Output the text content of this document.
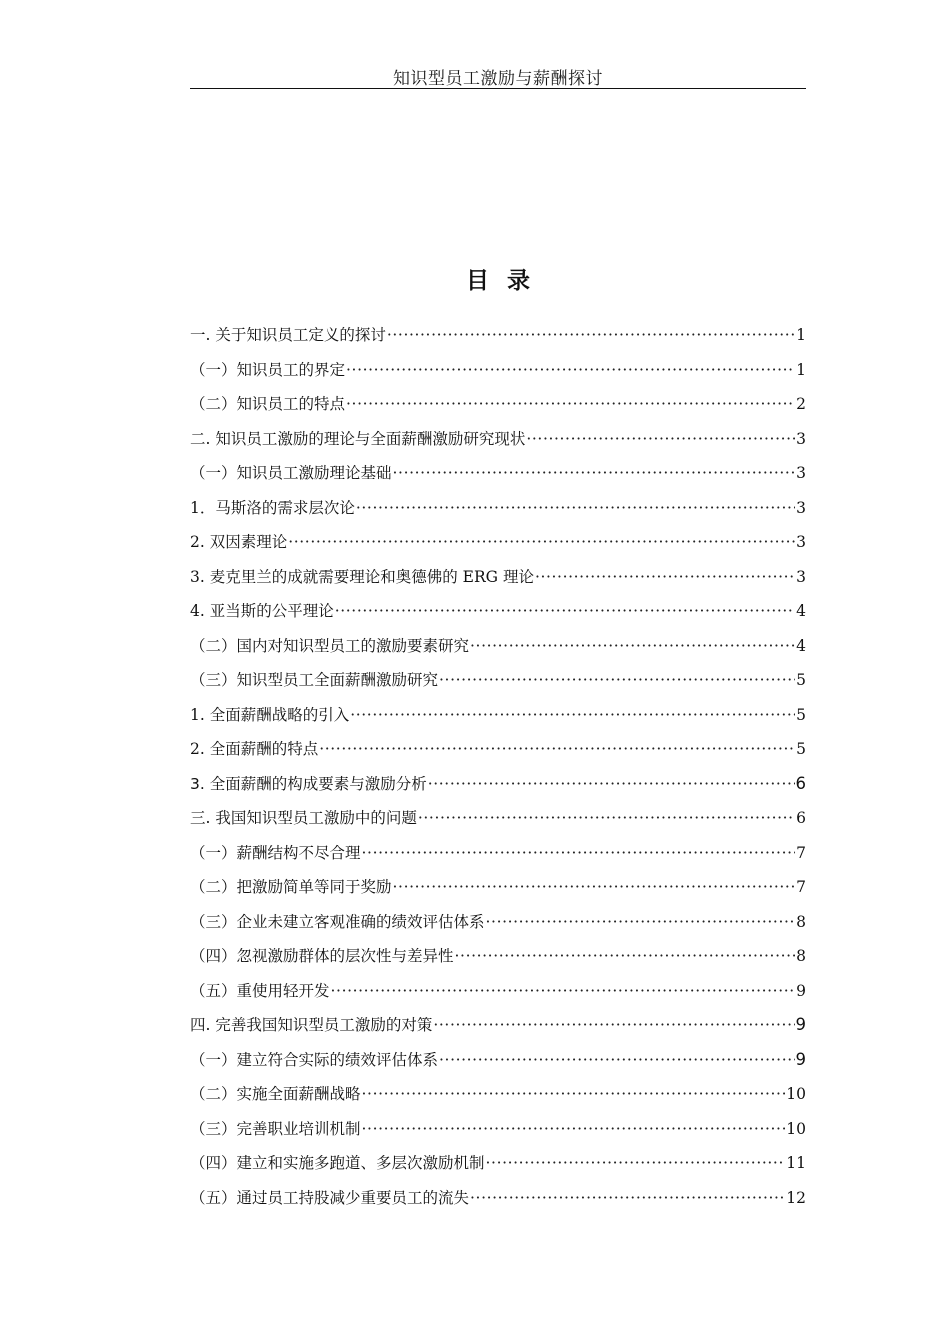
知识型员工激励与薪酬探讨
目录
一. 关于知识员工定义的探讨 ·····	1
（一）知识员工的界定 ·····	1
（二）知识员工的特点 ·····	2
二. 知识员工激励的理论与全面薪酬激励研究现状 ·····	3
（一）知识员工激励理论基础 ·····	3
1．马斯洛的需求层次论 ·····	3
2. 双因素理论 ·····	3
3. 麦克里兰的成就需要理论和奥德佛的 ERG 理论 ·····	3
4. 亚当斯的公平理论 ·····	4
（二）国内对知识型员工的激励要素研究 ·····	4
（三）知识型员工全面薪酬激励研究 ·····	5
1. 全面薪酬战略的引入 ·····	5
2. 全面薪酬的特点 ·····	5
3. 全面薪酬的构成要素与激励分析 ·····	6
三. 我国知识型员工激励中的问题 ·····	6
（一）薪酬结构不尽合理 ·····	7
（二）把激励简单等同于奖励 ·····	7
（三）企业未建立客观准确的绩效评估体系 ·····	8
（四）忽视激励群体的层次性与差异性 ·····	8
（五）重使用轻开发 ·····	9
四. 完善我国知识型员工激励的对策 ·····	9
（一）建立符合实际的绩效评估体系 ·····	9
（二）实施全面薪酬战略 ·····	10
（三）完善职业培训机制 ·····	10
（四）建立和实施多跑道、多层次激励机制 ·····	11
（五）通过员工持股减少重要员工的流失 ·····	12
